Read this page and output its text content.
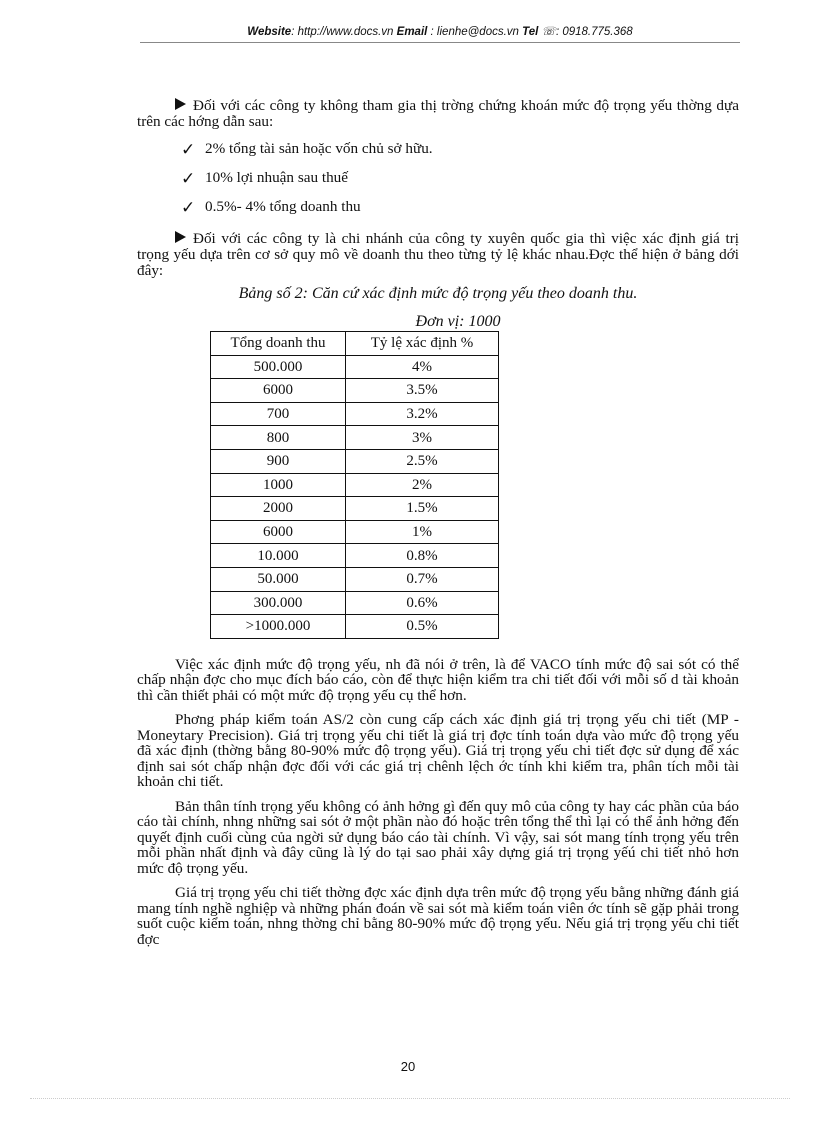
Website: http://www.docs.vn Email : lienhe@docs.vn Tel ☏: 0918.775.368

Đối với các công ty không tham gia thị trờng chứng khoán mức độ trọng yếu thờng dựa trên các hớng dẫn sau:

✓ 2% tổng tài sản hoặc vốn chủ sở hữu.
✓ 10% lợi nhuận sau thuế
✓ 0.5%- 4% tổng doanh thu

Đối với các công ty là chi nhánh của công ty xuyên quốc gia thì việc xác định giá trị trọng yếu dựa trên cơ sở quy mô về doanh thu theo từng tỷ lệ khác nhau.Đợc thể hiện ở bảng dới đây:

Bảng số 2: Căn cứ xác định mức độ trọng yếu theo doanh thu.
Đơn vị: 1000
Tổng doanh thu	Tỷ lệ xác định %
500.000	4%
6000	3.5%
700	3.2%
800	3%
900	2.5%
1000	2%
2000	1.5%
6000	1%
10.000	0.8%
50.000	0.7%
300.000	0.6%
>1000.000	0.5%

Việc xác định mức độ trọng yếu, nh đã nói ở trên, là để VACO tính mức độ sai sót có thể chấp nhận đợc cho mục đích báo cáo, còn để thực hiện kiểm tra chi tiết đối với mỗi số d tài khoản thì cần thiết phải có một mức độ trọng yếu cụ thể hơn.

Phơng pháp kiểm toán AS/2 còn cung cấp cách xác định giá trị trọng yếu chi tiết (MP - Moneytary Precision). Giá trị trọng yếu chi tiết là giá trị đợc tính toán dựa vào mức độ trọng yếu đã xác định (thờng bằng 80-90% mức độ trọng yếu). Giá trị trọng yếu chi tiết đợc sử dụng để xác định sai sót chấp nhận đợc đối với các giá trị chênh lệch ớc tính khi kiểm tra, phân tích mỗi tài khoản chi tiết.

Bản thân tính trọng yếu không có ảnh hởng gì đến quy mô của công ty hay các phần của báo cáo tài chính, nhng những sai sót ở một phần nào đó hoặc trên tổng thể thì lại có thể ảnh hởng đến quyết định cuối cùng của ngời sử dụng báo cáo tài chính. Vì vậy, sai sót mang tính trọng yếu trên mỗi phần nhất định và đây cũng là lý do tại sao phải xây dựng giá trị trọng yếú chi tiết nhỏ hơn mức độ trọng yếu.

Giá trị trọng yếu chi tiết thờng đợc xác định dựa trên mức độ trọng yếu bằng những đánh giá mang tính nghề nghiệp và những phán đoán về sai sót mà kiểm toán viên ớc tính sẽ gặp phải trong suốt cuộc kiểm toán, nhng thờng chỉ bằng 80-90% mức độ trọng yếu. Nếu giá trị trọng yếu chi tiết đợc

20
